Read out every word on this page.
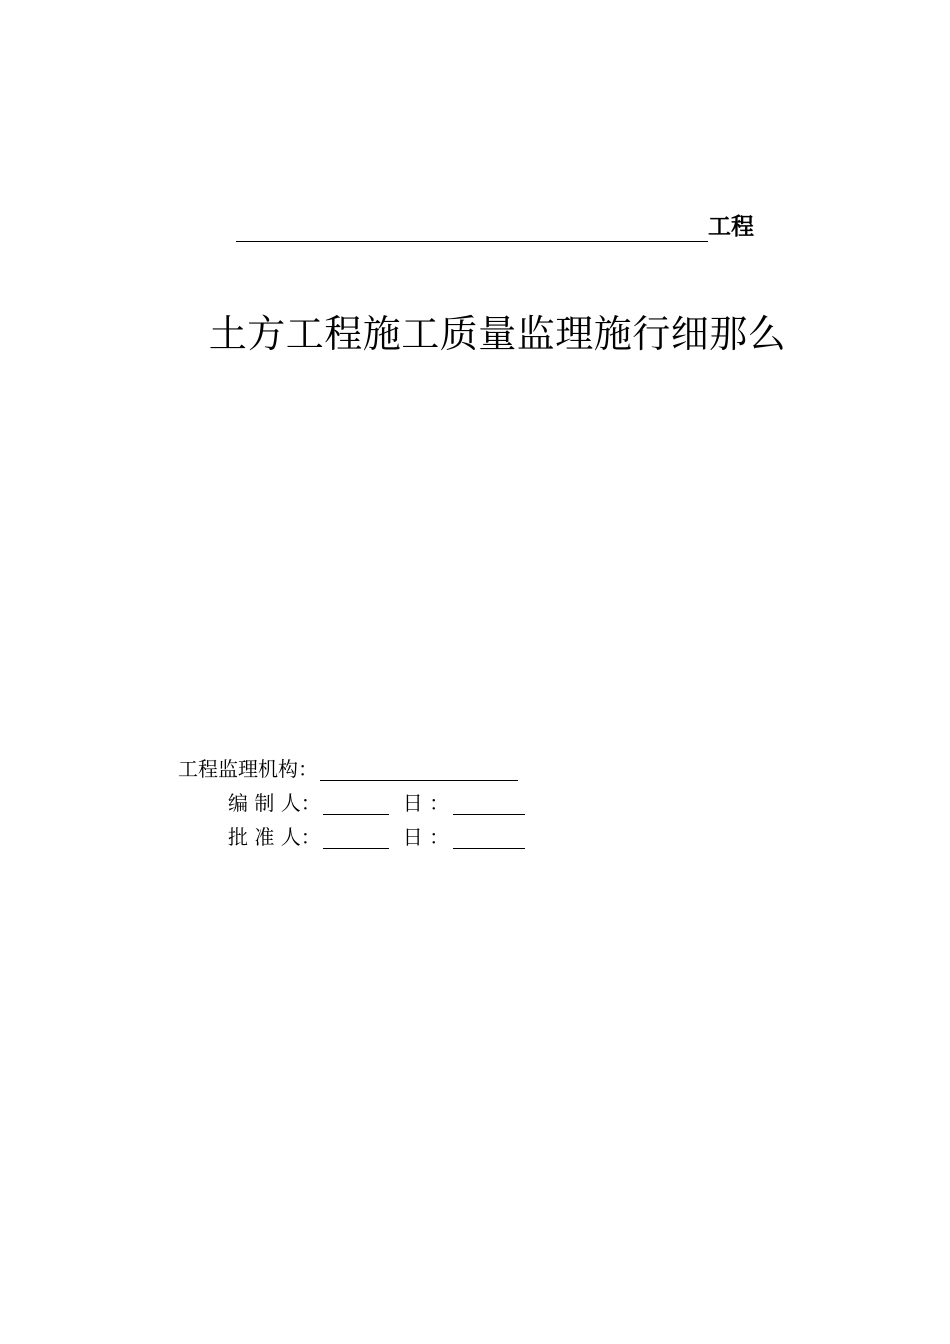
工程
土方工程施工质量监理施行细那么
工程监理机构：
编 制 人：	日 ：
批 准 人：	日 ：
